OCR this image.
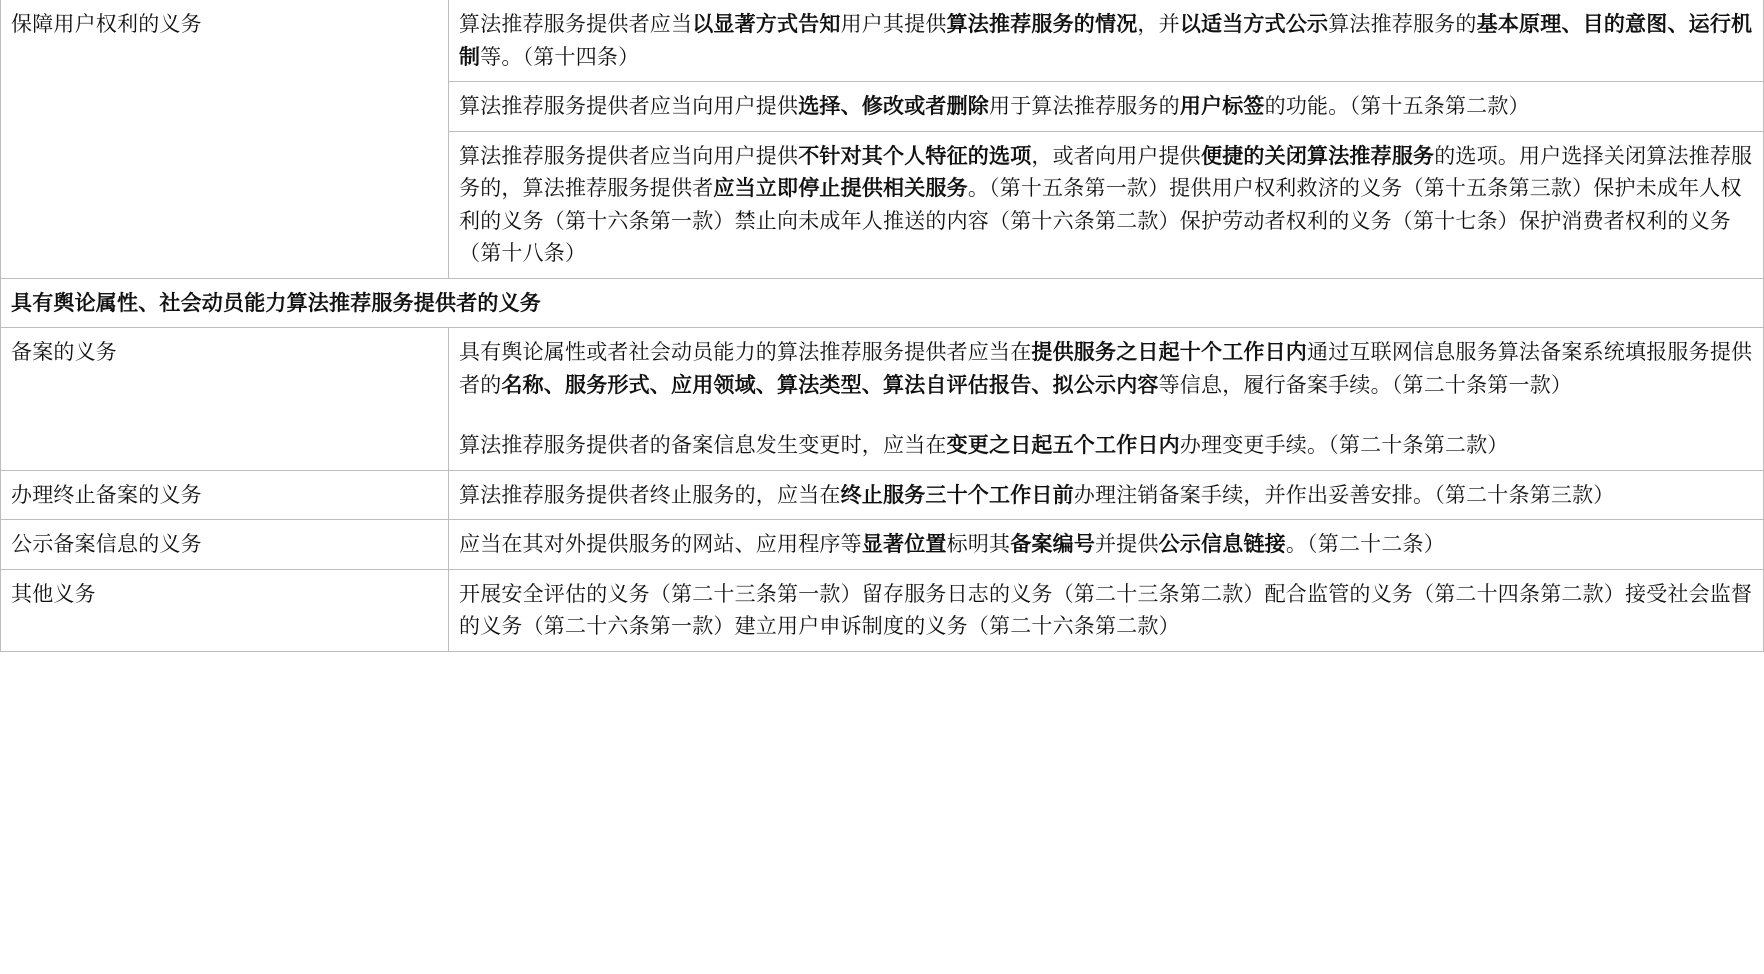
保障用户权利的义务	算法推荐服务提供者应当以显著方式告知用户其提供算法推荐服务的情况，并以适当方式公示算法推荐服务的基本原理、目的意图、运行机制等。（第十四条）
	算法推荐服务提供者应当向用户提供选择、修改或者删除用于算法推荐服务的用户标签的功能。（第十五条第二款）
	算法推荐服务提供者应当向用户提供不针对其个人特征的选项，或者向用户提供便捷的关闭算法推荐服务的选项。用户选择关闭算法推荐服务的，算法推荐服务提供者应当立即停止提供相关服务。（第十五条第一款）提供用户权利救济的义务（第十五条第三款）保护未成年人权利的义务（第十六条第一款）禁止向未成年人推送的内容（第十六条第二款）保护劳动者权利的义务（第十七条）保护消费者权利的义务（第十八条）
具有舆论属性、社会动员能力算法推荐服务提供者的义务	
备案的义务	具有舆论属性或者社会动员能力的算法推荐服务提供者应当在提供服务之日起十个工作日内通过互联网信息服务算法备案系统填报服务提供者的名称、服务形式、应用领域、算法类型、算法自评估报告、拟公示内容等信息，履行备案手续。（第二十条第一款）
算法推荐服务提供者的备案信息发生变更时，应当在变更之日起五个工作日内办理变更手续。（第二十条第二款）

办理终止备案的义务	算法推荐服务提供者终止服务的，应当在终止服务三十个工作日前办理注销备案手续，并作出妥善安排。（第二十条第三款）
公示备案信息的义务	应当在其对外提供服务的网站、应用程序等显著位置标明其备案编号并提供公示信息链接。（第二十二条）
其他义务	开展安全评估的义务（第二十三条第一款）留存服务日志的义务（第二十三条第二款）配合监管的义务（第二十四条第二款）接受社会监督的义务（第二十六条第一款）建立用户申诉制度的义务（第二十六条第二款）
